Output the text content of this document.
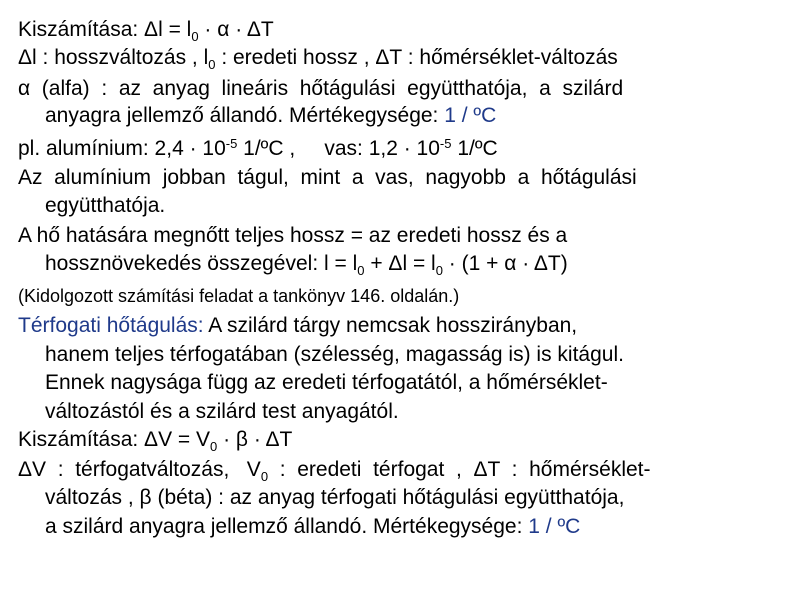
Kiszámítása: $\Delta l = l_0 \cdot \alpha \cdot \Delta T$
Δl : hosszváltozás , $l_0$ : eredeti hossz , ΔT : hőmérséklet-változás
α  (alfa)  :  az  anyag  lineáris  hőtágulási  együtthatója,  a  szilárd
anyagra jellemző állandó. Mértékegysége: 1 / ºC
pl. alumínium: $2,4 \cdot 10^{-5}$ 1/ºC ,     vas: $1,2 \cdot 10^{-5}$ 1/ºC
Az  alumínium  jobban  tágul,  mint  a  vas,  nagyobb  a  hőtágulási
együtthatója.
A hő hatására megnőtt teljes hossz = az eredeti hossz és a
hossznövekedés összegével: $l = l_0 + \Delta l = l_0 \cdot (1 + \alpha \cdot \Delta T)$
(Kidolgozott számítási feladat a tankönyv 146. oldalán.)
Térfogati hőtágulás: A szilárd tárgy nemcsak hosszirányban,
hanem teljes térfogatában (szélesség, magasság is) is kitágul.
Ennek nagysága függ az eredeti térfogatától, a hőmérséklet-
változástól és a szilárd test anyagától.
Kiszámítása: $\Delta V = V_0 \cdot \beta \cdot \Delta T$
ΔV  :  térfogatváltozás,   $V_0$  :  eredeti  térfogat  ,  ΔT  :  hőmérséklet-
változás , β (béta) : az anyag térfogati hőtágulási együtthatója,
a szilárd anyagra jellemző állandó. Mértékegysége: 1 / ºC
